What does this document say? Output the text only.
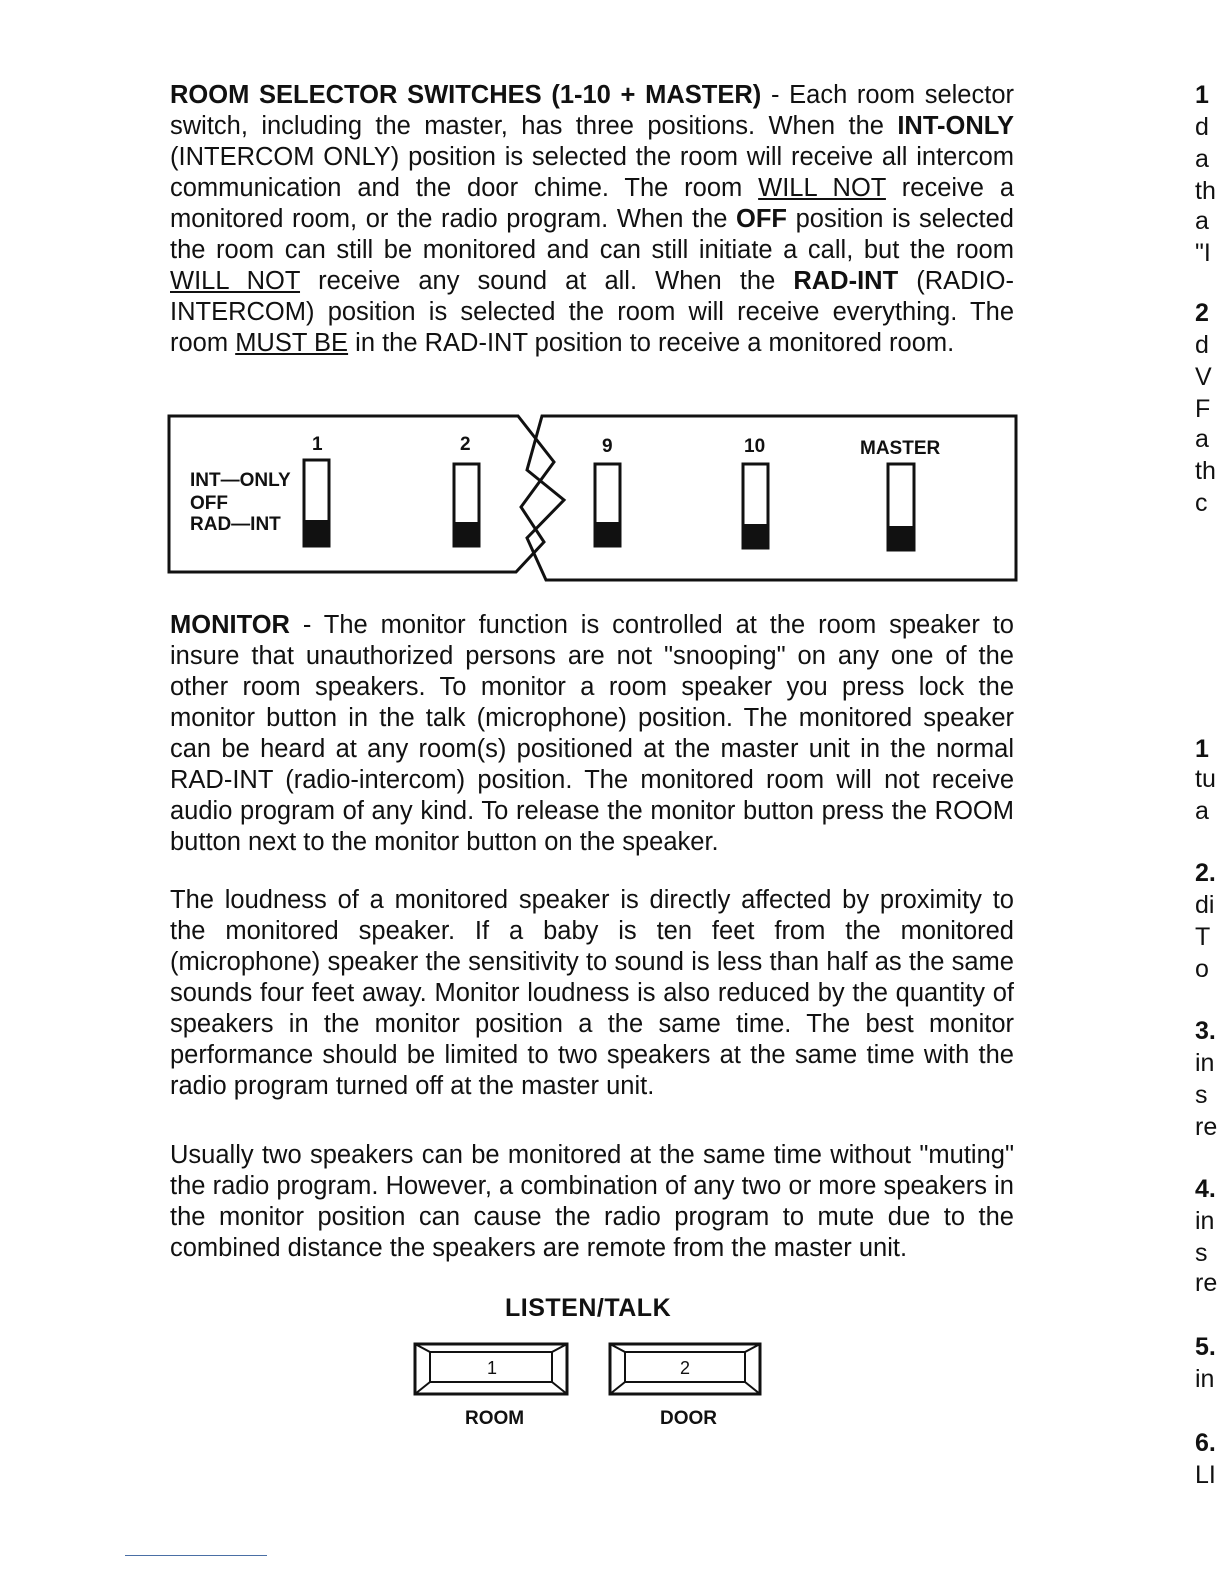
ROOM SELECTOR SWITCHES (1-10 + MASTER) - Each room selector switch, including the master, has three positions. When the INT-ONLY (INTERCOM ONLY) position is selected the room will receive all intercom communication and the door chime. The room WILL NOT receive a monitored room, or the radio program. When the OFF position is selected the room can still be monitored and can still initiate a call, but the room WILL NOT receive any sound at all. When the RAD-INT (RADIO-INTERCOM) position is selected the room will receive everything. The room MUST BE in the RAD-INT position to receive a monitored room.

INT—ONLY
OFF
RAD—INT
1	2	9	10	MASTER

MONITOR - The monitor function is controlled at the room speaker to insure that unauthorized persons are not "snooping" on any one of the other room speakers. To monitor a room speaker you press lock the monitor button in the talk (microphone) position. The monitored speaker can be heard at any room(s) positioned at the master unit in the normal RAD-INT (radio-intercom) position. The monitored room will not receive audio program of any kind. To release the monitor button press the ROOM button next to the monitor button on the speaker.

The loudness of a monitored speaker is directly affected by proximity to the monitored speaker. If a baby is ten feet from the monitored (microphone) speaker the sensitivity to sound is less than half as the same sounds four feet away. Monitor loudness is also reduced by the quantity of speakers in the monitor position a the same time. The best monitor performance should be limited to two speakers at the same time with the radio program turned off at the master unit.

Usually two speakers can be monitored at the same time without "muting" the radio program. However, a combination of any two or more speakers in the monitor position can cause the radio program to mute due to the combined distance the speakers are remote from the master unit.

LISTEN/TALK
1	2
ROOM	DOOR
1
d
a
th
a
"I
2
d
V
F
a
th
c
1
tu
a
2.
di
T
o
3.
in
s
re
4.
in
s
re
5.
in
6.
LI
